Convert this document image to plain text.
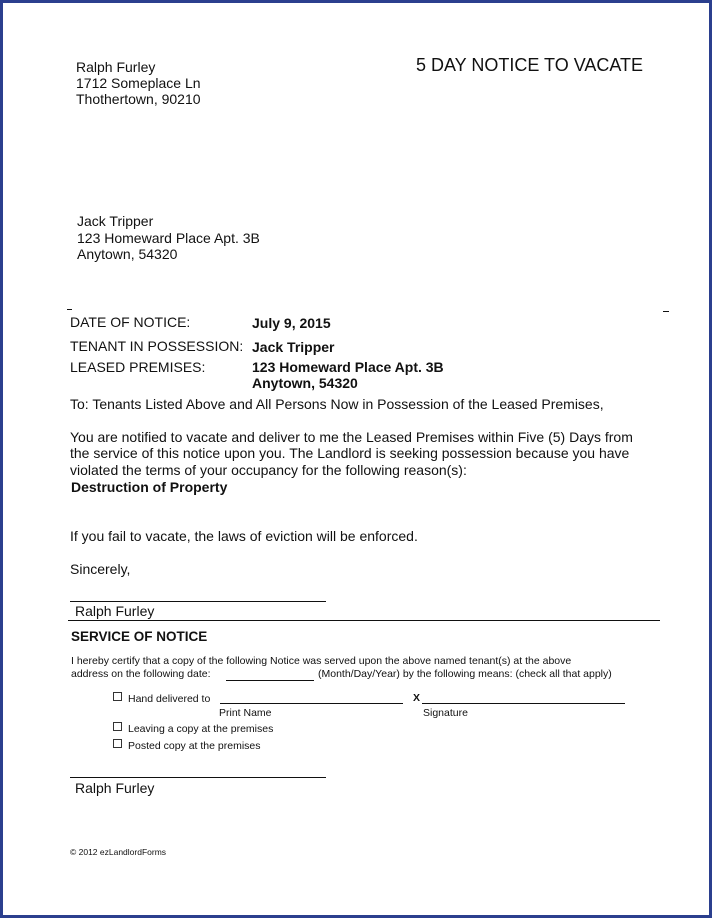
Ralph Furley
1712 Someplace Ln
Thothertown, 90210
5 DAY NOTICE TO VACATE
Jack Tripper
123 Homeward Place Apt. 3B
Anytown, 54320
DATE OF NOTICE:	July 9, 2015
TENANT IN POSSESSION: Jack Tripper
LEASED PREMISES:	123 Homeward Place Apt. 3B
Anytown, 54320
To: Tenants Listed Above and All Persons Now in Possession of the Leased Premises,
You are notified to vacate and deliver to me the Leased Premises within Five (5) Days from
the service of this notice upon you. The Landlord is seeking possession because you have
violated the terms of your occupancy for the following reason(s):
Destruction of Property
If you fail to vacate, the laws of eviction will be enforced.
Sincerely,
Ralph Furley
SERVICE OF NOTICE
I hereby certify that a copy of the following Notice was served upon the above named tenant(s) at the above
address on the following date:	(Month/Day/Year) by the following means: (check all that apply)
Hand delivered to	X
Print Name	Signature
Leaving a copy at the premises
Posted copy at the premises
Ralph Furley
© 2012 ezLandlordForms
